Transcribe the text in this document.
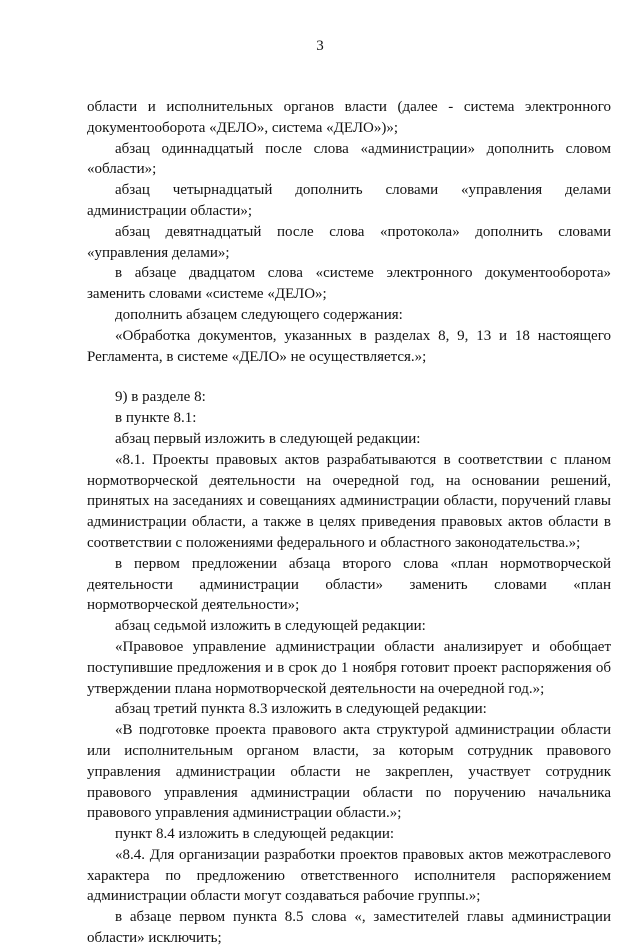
3

области и исполнительных органов власти (далее - система электронного документооборота «ДЕЛО», система «ДЕЛО»)»;

абзац одиннадцатый после слова «администрации» дополнить словом «области»;

абзац четырнадцатый дополнить словами «управления делами администрации области»;

абзац девятнадцатый после слова «протокола» дополнить словами «управления делами»;

в абзаце двадцатом слова «системе электронного документооборота» заменить словами «системе «ДЕЛО»;

дополнить абзацем следующего содержания:

«Обработка документов, указанных в разделах 8, 9, 13 и 18 настоящего Регламента, в системе «ДЕЛО» не осуществляется.»;

9) в разделе 8:

в пункте 8.1:

абзац первый изложить в следующей редакции:

«8.1. Проекты правовых актов разрабатываются в соответствии с планом нормотворческой деятельности на очередной год, на основании решений, принятых на заседаниях и совещаниях администрации области, поручений главы администрации области, а также в целях приведения правовых актов области в соответствии с положениями федерального и областного законодательства.»;

в первом предложении абзаца второго слова «план нормотворческой деятельности администрации области» заменить словами «план нормотворческой деятельности»;

абзац седьмой изложить в следующей редакции:

«Правовое управление администрации области анализирует и обобщает поступившие предложения и в срок до 1 ноября готовит проект распоряжения об утверждении плана нормотворческой деятельности на очередной год.»;

абзац третий пункта 8.3 изложить в следующей редакции:

«В подготовке проекта правового акта структурой администрации области или исполнительным органом власти, за которым сотрудник правового управления администрации области не закреплен, участвует сотрудник правового управления администрации области по поручению начальника правового управления администрации области.»;

пункт 8.4 изложить в следующей редакции:

«8.4. Для организации разработки проектов правовых актов межотраслевого характера по предложению ответственного исполнителя распоряжением администрации области могут создаваться рабочие группы.»;

в абзаце первом пункта 8.5 слова «, заместителей главы администрации области» исключить;
